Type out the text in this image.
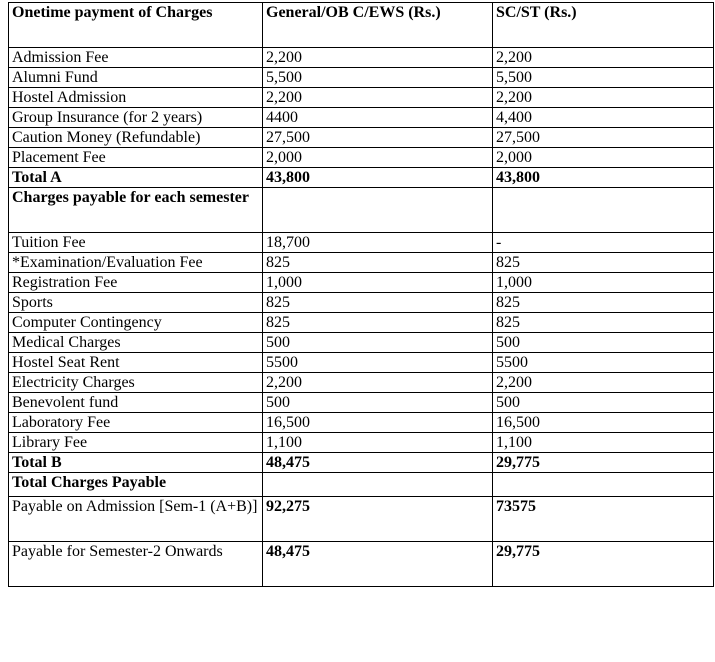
Onetime payment of Charges	General/OB C/EWS (Rs.)	SC/ST (Rs.)
Admission Fee	2,200	2,200
Alumni Fund	5,500	5,500
Hostel Admission	2,200	2,200
Group Insurance (for 2 years)	4400	4,400
Caution Money (Refundable)	27,500	27,500
Placement Fee	2,000	2,000
Total A	43,800	43,800
Charges payable for each semester		
Tuition Fee	18,700	-
*Examination/Evaluation Fee	825	825
Registration Fee	1,000	1,000
Sports	825	825
Computer Contingency	825	825
Medical Charges	500	500
Hostel Seat Rent	5500	5500
Electricity Charges	2,200	2,200
Benevolent fund	500	500
Laboratory Fee	16,500	16,500
Library Fee	1,100	1,100
Total B	48,475	29,775
Total Charges Payable		
Payable on Admission [Sem-1 (A+B)]	92,275	73575
Payable for Semester-2 Onwards	48,475	29,775
